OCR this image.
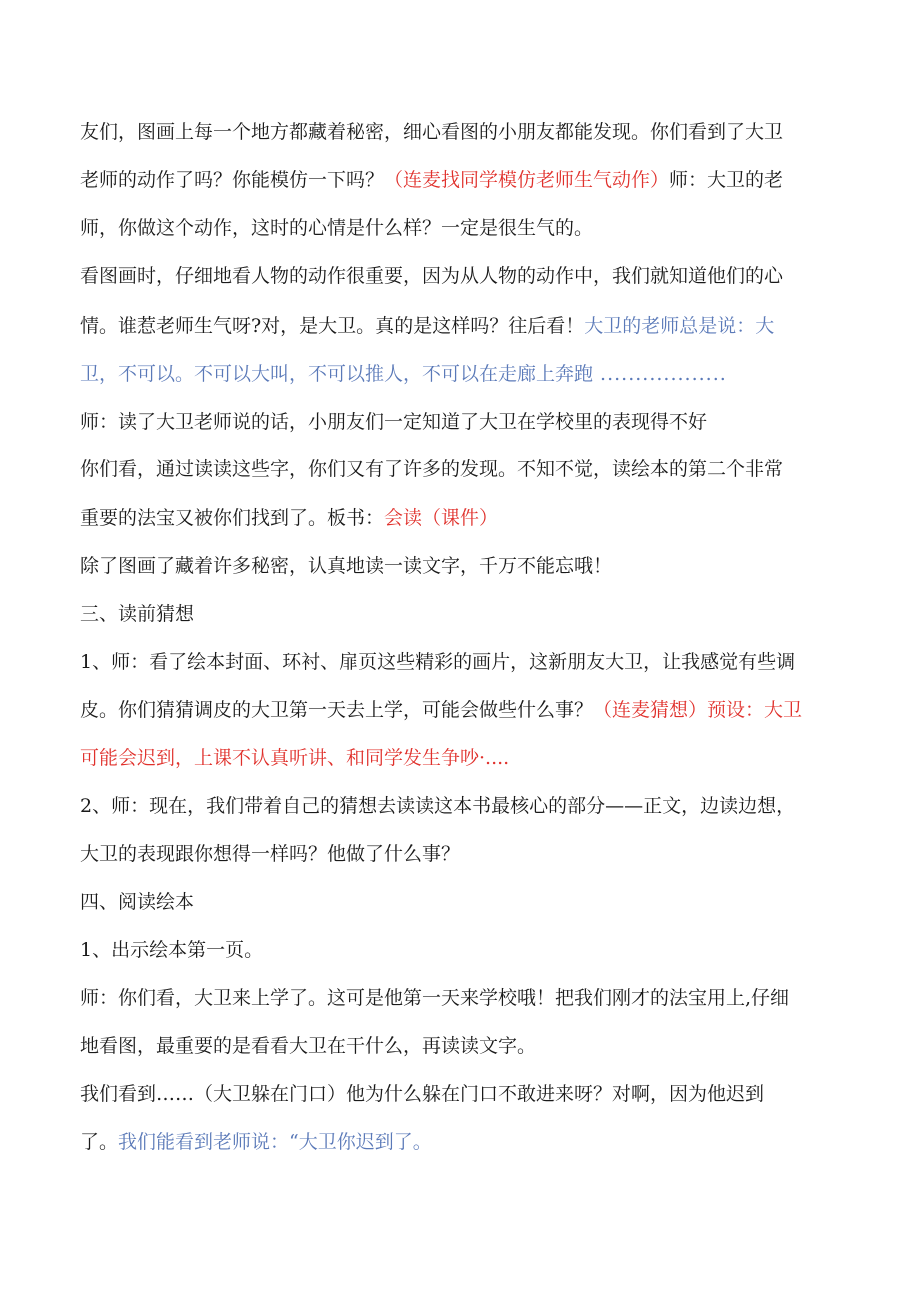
友们，图画上每一个地方都藏着秘密，细心看图的小朋友都能发现。你们看到了大卫
老师的动作了吗？你能模仿一下吗？（连麦找同学模仿老师生气动作）师：大卫的老
师，你做这个动作，这时的心情是什么样？一定是很生气的。
看图画时，仔细地看人物的动作很重要，因为从人物的动作中，我们就知道他们的心
情。谁惹老师生气呀?对，是大卫。真的是这样吗？往后看！大卫的老师总是说：大
卫，不可以。不可以大叫，不可以推人，不可以在走廊上奔跑 ..................
师：读了大卫老师说的话，小朋友们一定知道了大卫在学校里的表现得不好
你们看，通过读读这些字，你们又有了许多的发现。不知不觉，读绘本的第二个非常
重要的法宝又被你们找到了。板书：会读（课件）
除了图画了藏着许多秘密，认真地读一读文字，千万不能忘哦！
三、读前猜想
1、师：看了绘本封面、环衬、扉页这些精彩的画片，这新朋友大卫，让我感觉有些调
皮。你们猜猜调皮的大卫第一天去上学，可能会做些什么事？（连麦猜想）预设：大卫
可能会迟到，上课不认真听讲、和同学发生争吵·....
2、师：现在，我们带着自己的猜想去读读这本书最核心的部分——正文，边读边想，
大卫的表现跟你想得一样吗？他做了什么事？
四、阅读绘本
1、出示绘本第一页。
师：你们看，大卫来上学了。这可是他第一天来学校哦！把我们刚才的法宝用上,仔细
地看图，最重要的是看看大卫在干什么，再读读文字。
我们看到……（大卫躲在门口）他为什么躲在门口不敢进来呀？对啊，因为他迟到
了。我们能看到老师说：“大卫你迟到了。
